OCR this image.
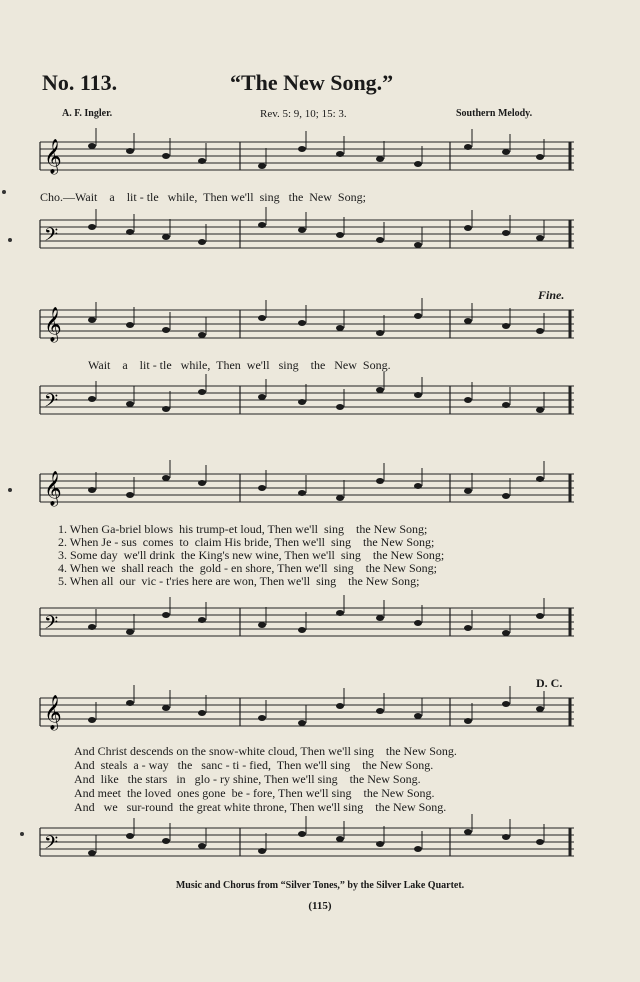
No. 113.	“The New Song.”
A. F. Ingler.	Rev. 5: 9, 10; 15: 3.	Southern Melody.
𝄞
Cho.—Wait    a    lit - tle   while,  Then we'll  sing   the  New  Song;
𝄢
Fine.
𝄞
Wait    a    lit - tle   while,  Then  we'll   sing    the   New  Song.
𝄢
𝄞
1. When Ga-briel blows  his trump-et loud, Then we'll  sing    the New Song;
2. When Je - sus  comes  to  claim His bride, Then we'll  sing    the New Song;
3. Some day  we'll drink  the King's new wine, Then we'll  sing    the New Song;
4. When we  shall reach  the  gold - en shore, Then we'll  sing    the New Song;
5. When all  our  vic - t'ries here are won, Then we'll  sing    the New Song;
𝄢
D. C.
𝄞
And Christ descends on the snow-white cloud, Then we'll sing    the New Song.
And  steals  a - way   the   sanc - ti - fied,  Then we'll sing    the New Song.
And  like   the stars   in   glo - ry shine, Then we'll sing    the New Song.
And meet  the loved  ones gone  be - fore, Then we'll sing    the New Song.
And   we   sur-round  the great white throne, Then we'll sing    the New Song.
𝄢
Music and Chorus from “Silver Tones,” by the Silver Lake Quartet.
(115)
